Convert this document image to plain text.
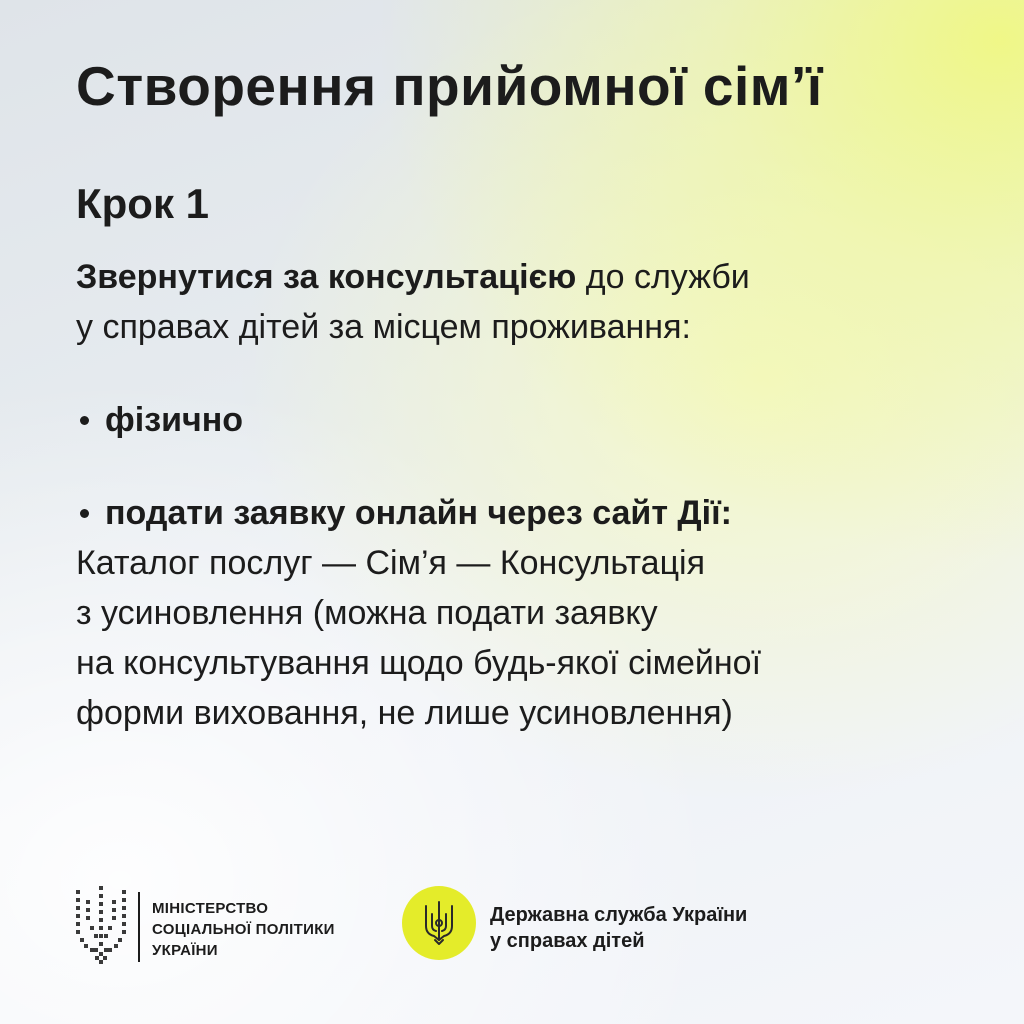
Створення прийомної сім’ї
Крок 1

Звернутися за консультацією до служби
у справах дітей за місцем проживання:

фізично
подати заявку онлайн через сайт Дії:

Каталог послуг — Сім’я — Консультація
з усиновлення (можна подати заявку
на консультування щодо будь-якої сімейної
форми виховання, не лише усиновлення)

МІНІСТЕРСТВО
СОЦІАЛЬНОЇ ПОЛІТИКИ
УКРАЇНИ

Державна служба України
у справах дітей
